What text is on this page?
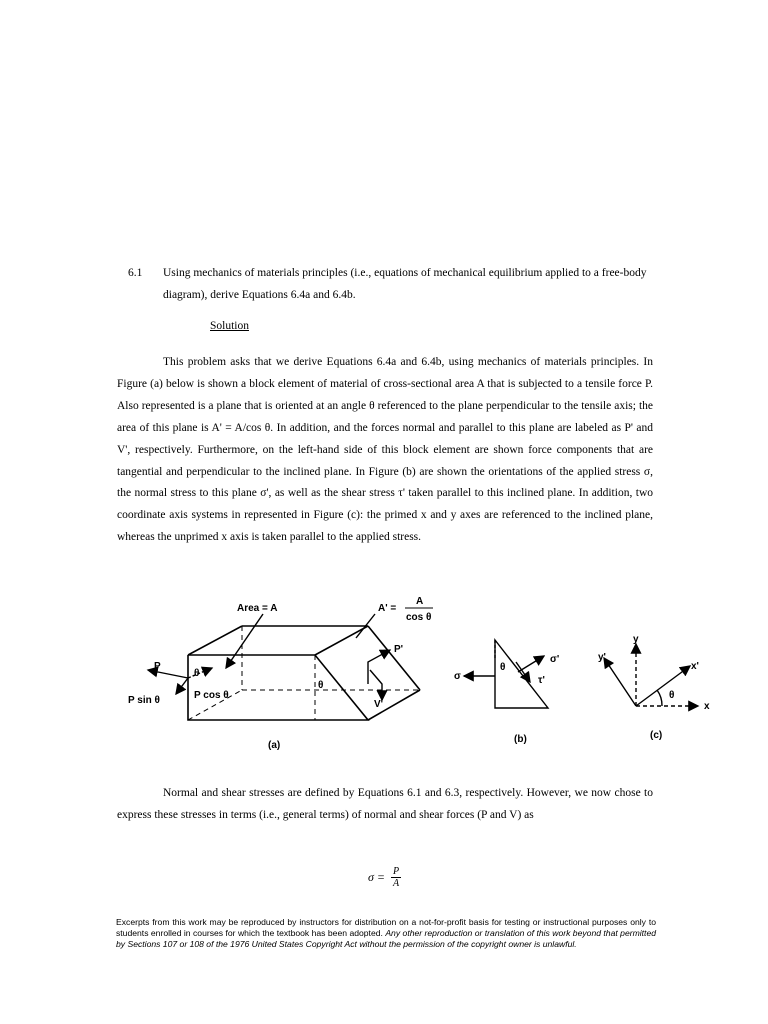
6.1 Using mechanics of materials principles (i.e., equations of mechanical equilibrium applied to a free-body diagram), derive Equations 6.4a and 6.4b.
Solution

This problem asks that we derive Equations 6.4a and 6.4b, using mechanics of materials principles. In Figure (a) below is shown a block element of material of cross-sectional area A that is subjected to a tensile force P. Also represented is a plane that is oriented at an angle θ referenced to the plane perpendicular to the tensile axis; the area of this plane is A' = A/cos θ. In addition, and the forces normal and parallel to this plane are labeled as P' and V', respectively. Furthermore, on the left-hand side of this block element are shown force components that are tangential and perpendicular to the inclined plane. In Figure (b) are shown the orientations of the applied stress σ, the normal stress to this plane σ', as well as the shear stress τ' taken parallel to this inclined plane. In addition, two coordinate axis systems in represented in Figure (c): the primed x and y axes are referenced to the inclined plane, whereas the unprimed x axis is taken parallel to the applied stress.

Area = A	A' =
A
cos θ
P
P'
V'
θ
θ
P cos θ
P sin θ
(a)
σ
σ'
τ'
θ
(b)
y
y'
x'
x
θ
(c)

Normal and shear stresses are defined by Equations 6.1 and 6.3, respectively. However, we now chose to express these stresses in terms (i.e., general terms) of normal and shear forces (P and V) as

$\sigma = \frac{P}{A}$
Excerpts from this work may be reproduced by instructors for distribution on a not-for-profit basis for testing or instructional purposes only to students enrolled in courses for which the textbook has been adopted. Any other reproduction or translation of this work beyond that permitted by Sections 107 or 108 of the 1976 United States Copyright Act without the permission of the copyright owner is unlawful.
